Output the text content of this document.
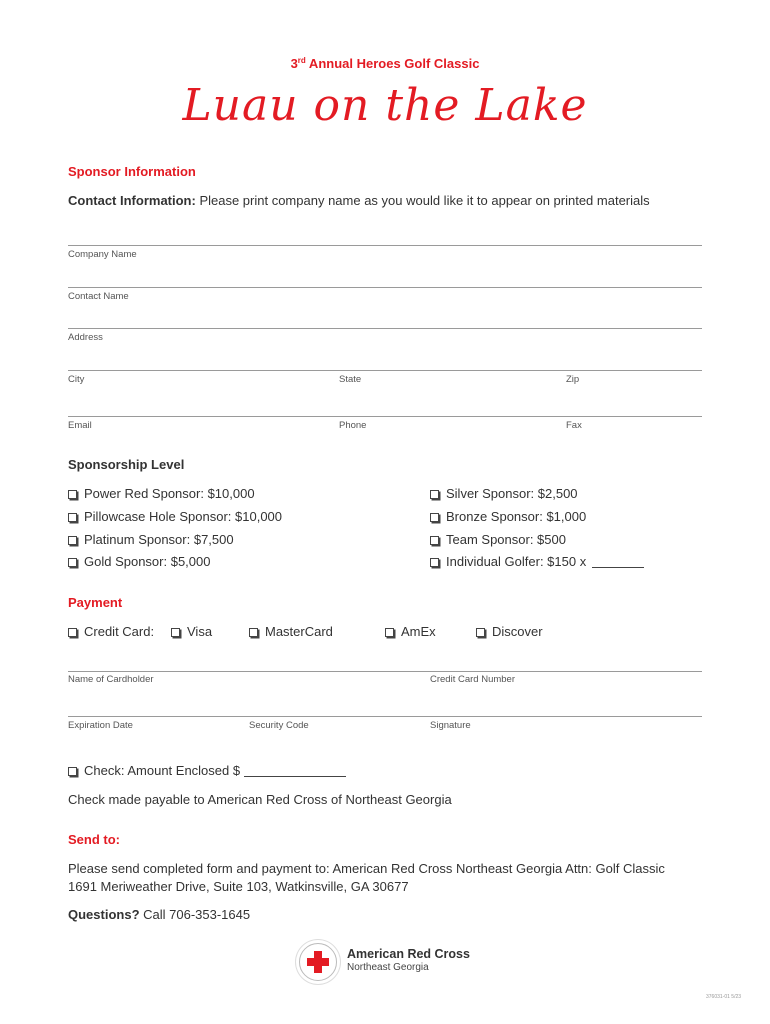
3rd Annual Heroes Golf Classic
Luau on the Lake
Sponsor Information
Contact Information: Please print company name as you would like it to appear on printed materials
Company Name
Contact Name
Address
City	State	Zip
Email	Phone	Fax
Sponsorship Level
Power Red Sponsor: $10,000
Pillowcase Hole Sponsor: $10,000
Platinum Sponsor: $7,500
Gold Sponsor: $5,000
Silver Sponsor: $2,500
Bronze Sponsor: $1,000
Team Sponsor: $500
Individual Golfer: $150 x
Payment
Credit Card:	Visa	MasterCard	AmEx	Discover
Name of Cardholder	Credit Card Number
Expiration Date	Security Code	Signature
Check: Amount Enclosed $
Check made payable to American Red Cross of Northeast Georgia
Send to:
Please send completed form and payment to: American Red Cross Northeast Georgia Attn: Golf Classic
1691 Meriweather Drive, Suite 103, Watkinsville, GA 30677
Questions? Call 706-353-1645
American Red Cross
Northeast Georgia
376031-01 5/23
